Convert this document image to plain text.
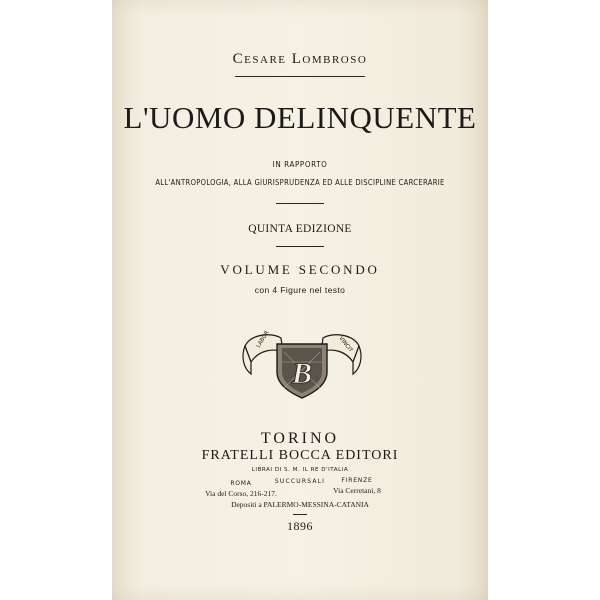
Cesare Lombroso
L'UOMO DELINQUENTE
IN RAPPORTO
ALL'ANTROPOLOGIA, ALLA GIURISPRUDENZA ED ALLE DISCIPLINE CARCERARIE
QUINTA EDIZIONE
VOLUME SECONDO
con 4 Figure nel testo
LABOR	VINCIT
B
TORINO
FRATELLI BOCCA EDITORI
LIBRAI DI S. M. IL RE D'ITALIA
SUCCURSALI
ROMA
Via del Corso, 216-217.
FIRENZE
Via Cerretani, 8
Depositi a PALERMO-MESSINA-CATANIA
1896
